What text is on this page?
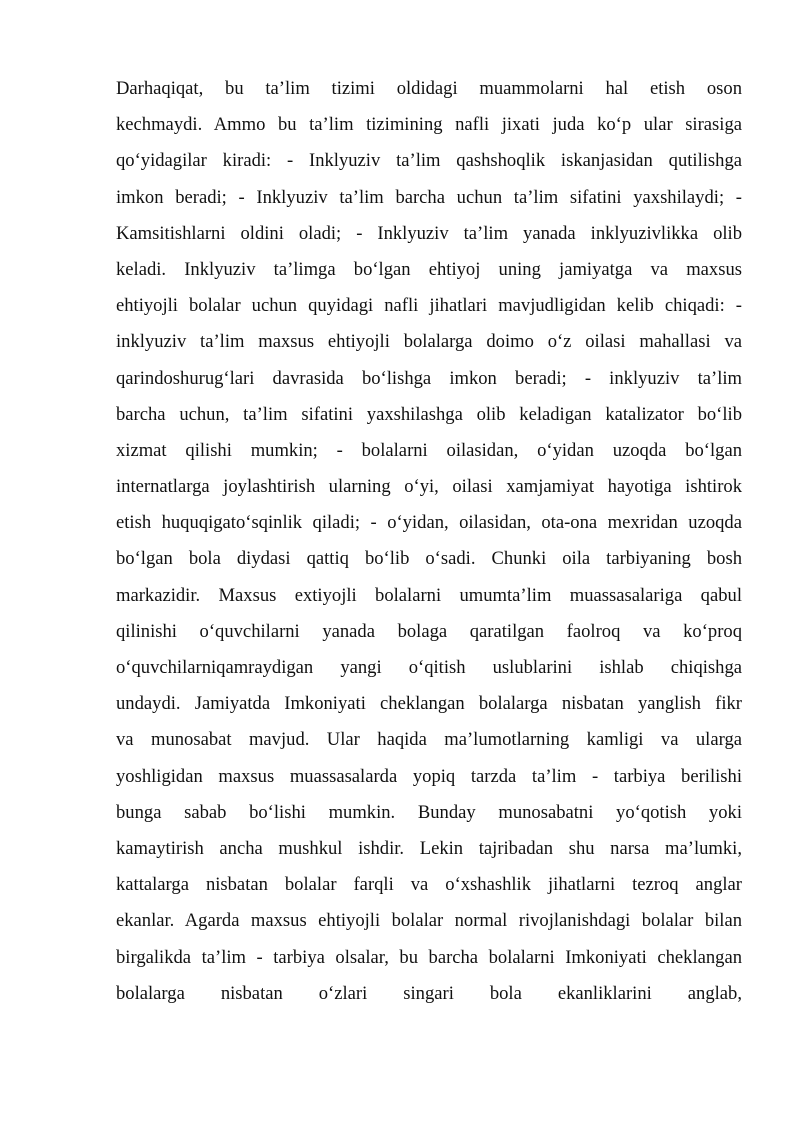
Darhaqiqat, bu ta’lim tizimi oldidagi muammolarni hal etish oson
kechmaydi. Ammo bu ta’lim tizimining nafli jixati juda ko‘p ular sirasiga
qo‘yidagilar kiradi: - Inklyuziv ta’lim qashshoqlik iskanjasidan qutilishga
imkon beradi; - Inklyuziv ta’lim barcha uchun ta’lim sifatini yaxshilaydi; -
Kamsitishlarni oldini oladi; - Inklyuziv ta’lim yanada inklyuzivlikka olib
keladi. Inklyuziv ta’limga bo‘lgan ehtiyoj uning jamiyatga va maxsus
ehtiyojli bolalar uchun quyidagi nafli jihatlari mavjudligidan kelib chiqadi: -
inklyuziv ta’lim maxsus ehtiyojli bolalarga doimo o‘z oilasi mahallasi va
qarindoshurug‘lari davrasida bo‘lishga imkon beradi; - inklyuziv ta’lim
barcha uchun, ta’lim sifatini yaxshilashga olib keladigan katalizator bo‘lib
xizmat qilishi mumkin; - bolalarni oilasidan, o‘yidan uzoqda bo‘lgan
internatlarga joylashtirish ularning o‘yi, oilasi xamjamiyat hayotiga ishtirok
etish huquqigato‘sqinlik qiladi; - o‘yidan, oilasidan, ota-ona mexridan uzoqda
bo‘lgan bola diydasi qattiq bo‘lib o‘sadi. Chunki oila tarbiyaning bosh
markazidir. Maxsus extiyojli bolalarni umumta’lim muassasalariga qabul
qilinishi o‘quvchilarni yanada bolaga qaratilgan faolroq va ko‘proq
o‘quvchilarniqamraydigan yangi o‘qitish uslublarini ishlab chiqishga
undaydi. Jamiyatda Imkoniyati cheklangan bolalarga nisbatan yanglish fikr
va munosabat mavjud. Ular haqida ma’lumotlarning kamligi va ularga
yoshligidan maxsus muassasalarda yopiq tarzda ta’lim - tarbiya berilishi
bunga sabab bo‘lishi mumkin. Bunday munosabatni yo‘qotish yoki
kamaytirish ancha mushkul ishdir. Lekin tajribadan shu narsa ma’lumki,
kattalarga nisbatan bolalar farqli va o‘xshashlik jihatlarni tezroq anglar
ekanlar. Agarda maxsus ehtiyojli bolalar normal rivojlanishdagi bolalar bilan
birgalikda ta’lim - tarbiya olsalar, bu barcha bolalarni Imkoniyati cheklangan
bolalarga nisbatan o‘zlari singari bola ekanliklarini anglab,
